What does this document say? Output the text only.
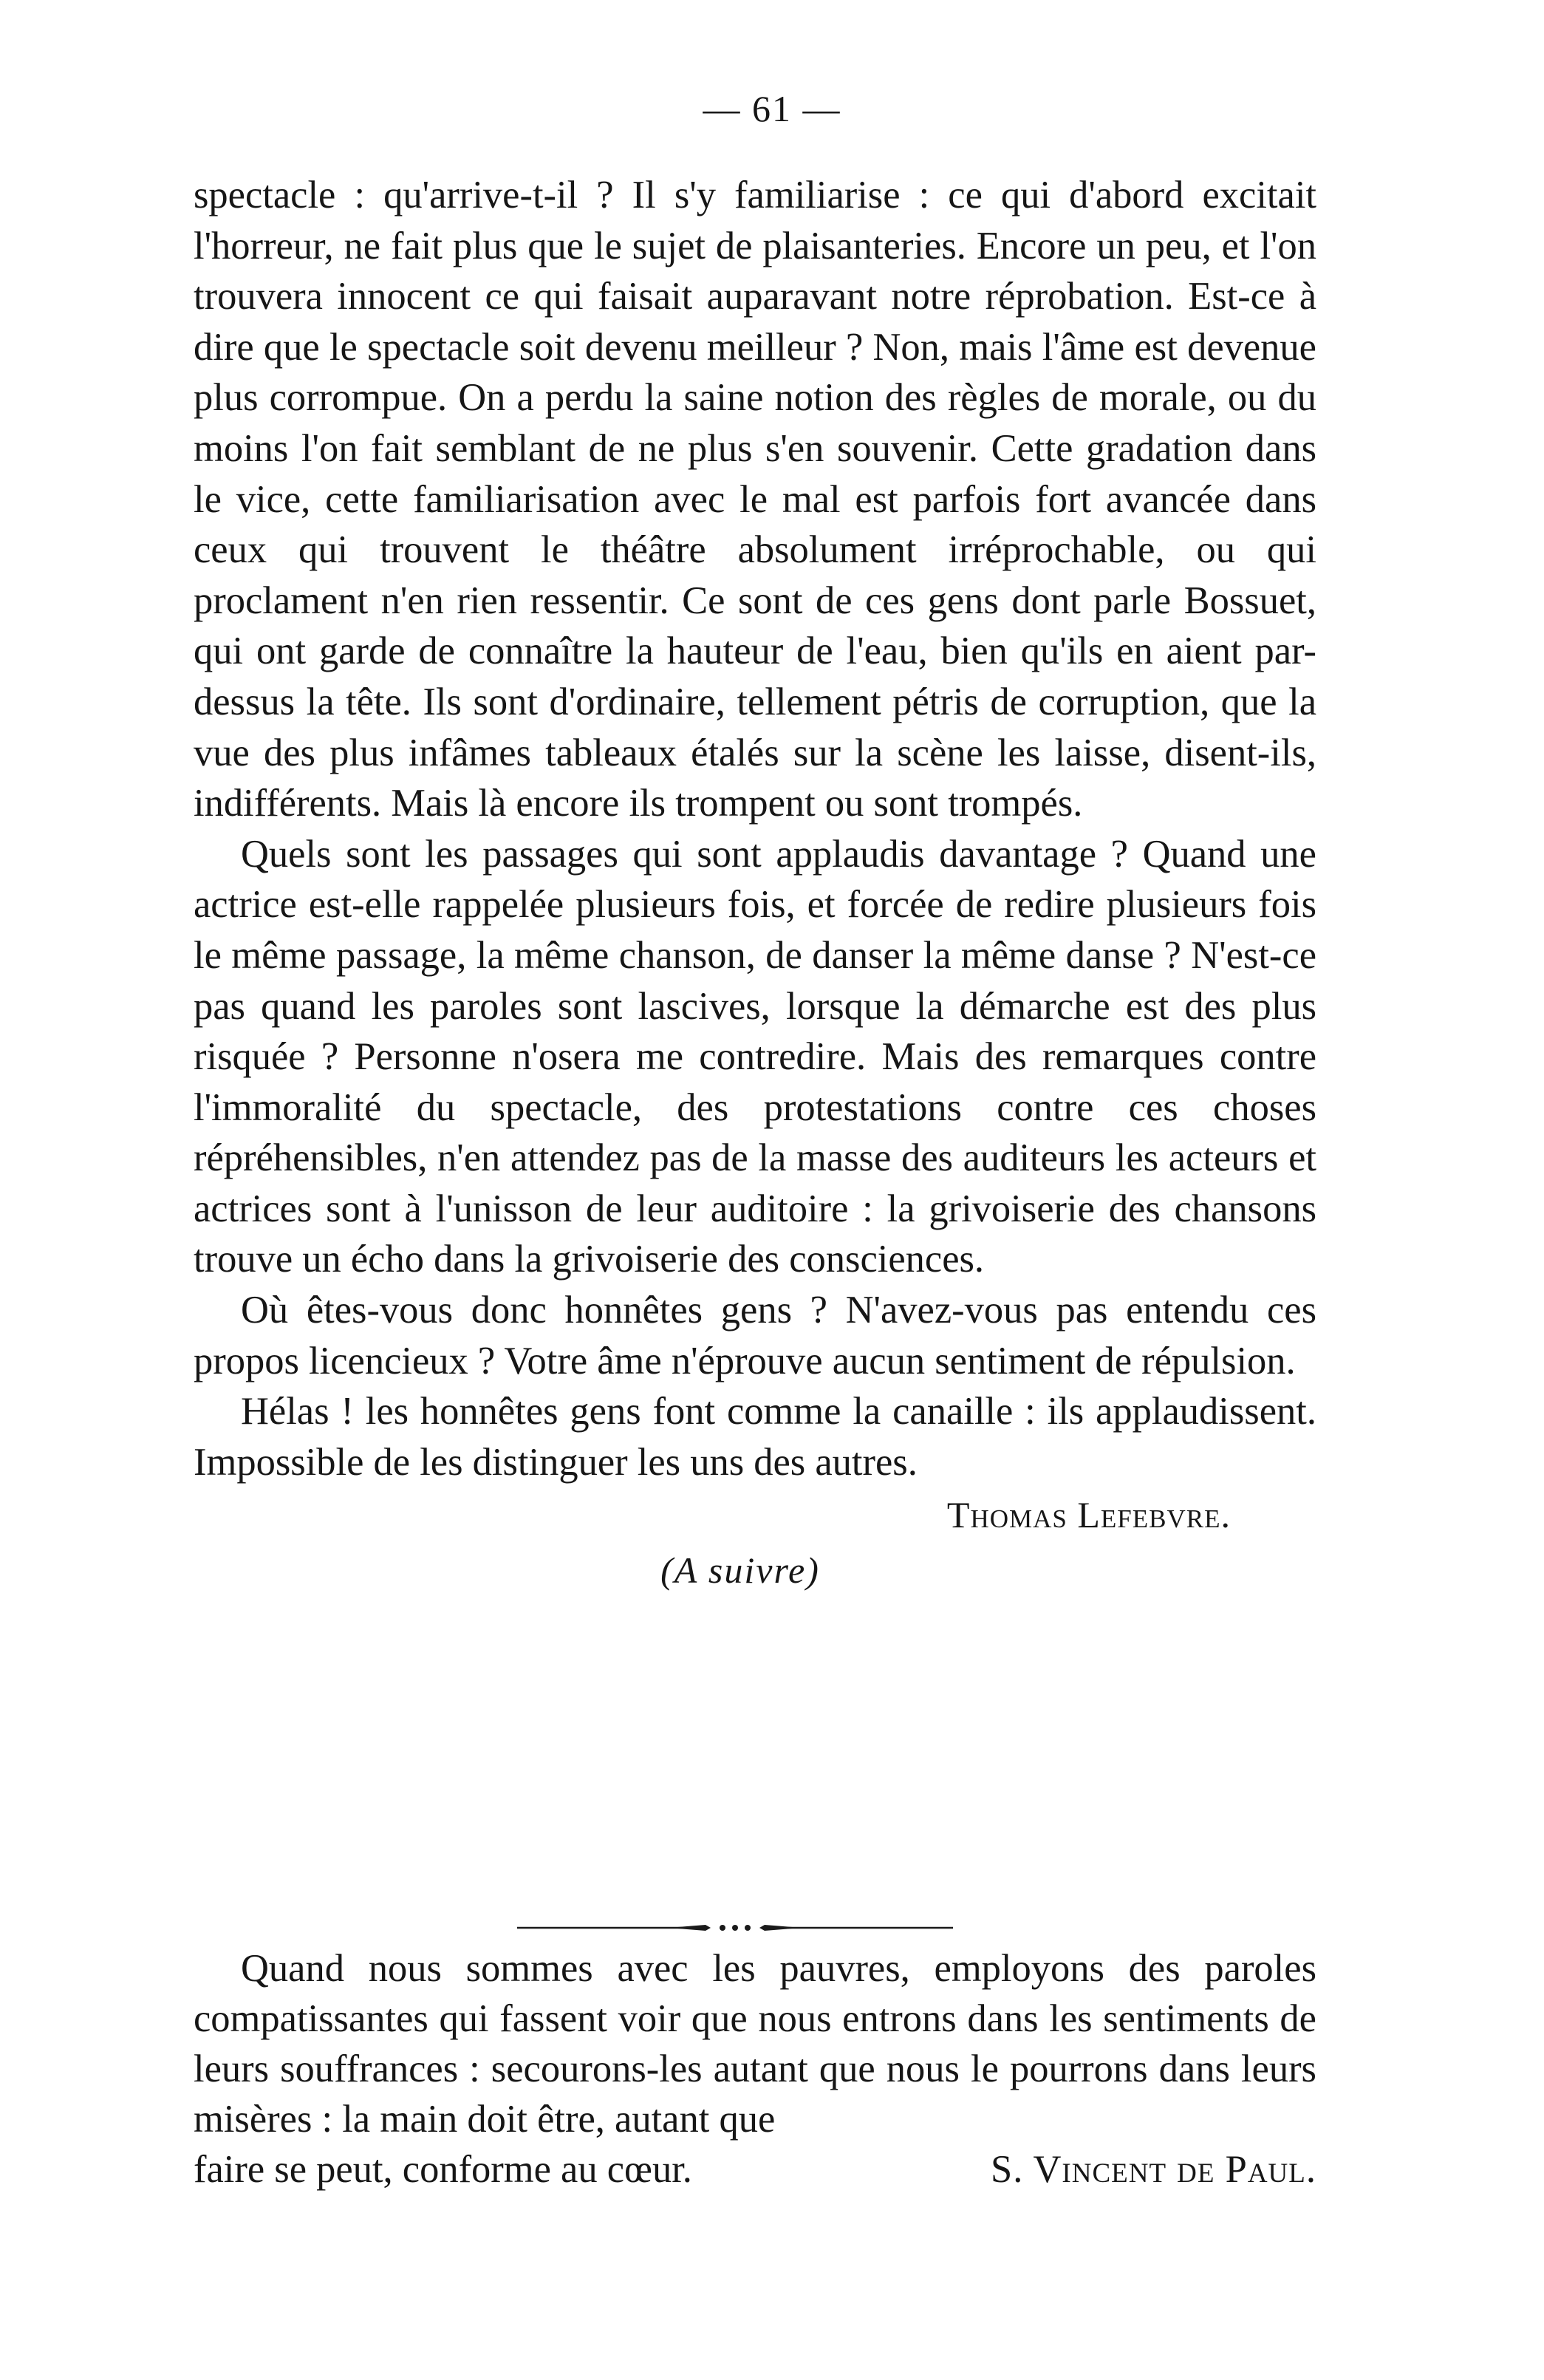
— 61 —

spectacle : qu'arrive-t-il ? Il s'y familiarise : ce qui d'abord excitait l'horreur, ne fait plus que le sujet de plaisanteries. Encore un peu, et l'on trouvera innocent ce qui faisait auparavant notre réprobation. Est-ce à dire que le spectacle soit devenu meilleur ? Non, mais l'âme est devenue plus corrompue. On a perdu la saine notion des règles de morale, ou du moins l'on fait semblant de ne plus s'en souvenir. Cette gradation dans le vice, cette familiarisation avec le mal est parfois fort avancée dans ceux qui trouvent le théâtre absolument irréprochable, ou qui proclament n'en rien ressentir. Ce sont de ces gens dont parle Bossuet, qui ont garde de connaître la hauteur de l'eau, bien qu'ils en aient par-dessus la tête. Ils sont d'ordinaire, tellement pétris de corruption, que la vue des plus infâmes tableaux étalés sur la scène les laisse, disent-ils, indifférents. Mais là encore ils trompent ou sont trompés.

Quels sont les passages qui sont applaudis davantage ? Quand une actrice est-elle rappelée plusieurs fois, et forcée de redire plusieurs fois le même passage, la même chanson, de danser la même danse ? N'est-ce pas quand les paroles sont lascives, lorsque la démarche est des plus risquée ? Personne n'osera me contredire. Mais des remarques contre l'immoralité du spectacle, des protestations contre ces choses répréhensibles, n'en attendez pas de la masse des auditeurs les acteurs et actrices sont à l'unisson de leur auditoire : la grivoiserie des chansons trouve un écho dans la grivoiserie des consciences.

Où êtes-vous donc honnêtes gens ? N'avez-vous pas entendu ces propos licencieux ? Votre âme n'éprouve aucun sentiment de répulsion.

Hélas ! les honnêtes gens font comme la canaille : ils applaudissent. Impossible de les distinguer les uns des autres.

Thomas Lefebvre.
(A suivre)
Quand nous sommes avec les pauvres, employons des paroles compatissantes qui fassent voir que nous entrons dans les sentiments de leurs souffrances : secourons-les autant que nous le pourrons dans leurs misères : la main doit être, autant que
faire se peut, conforme au cœur.	S. Vincent de Paul.
